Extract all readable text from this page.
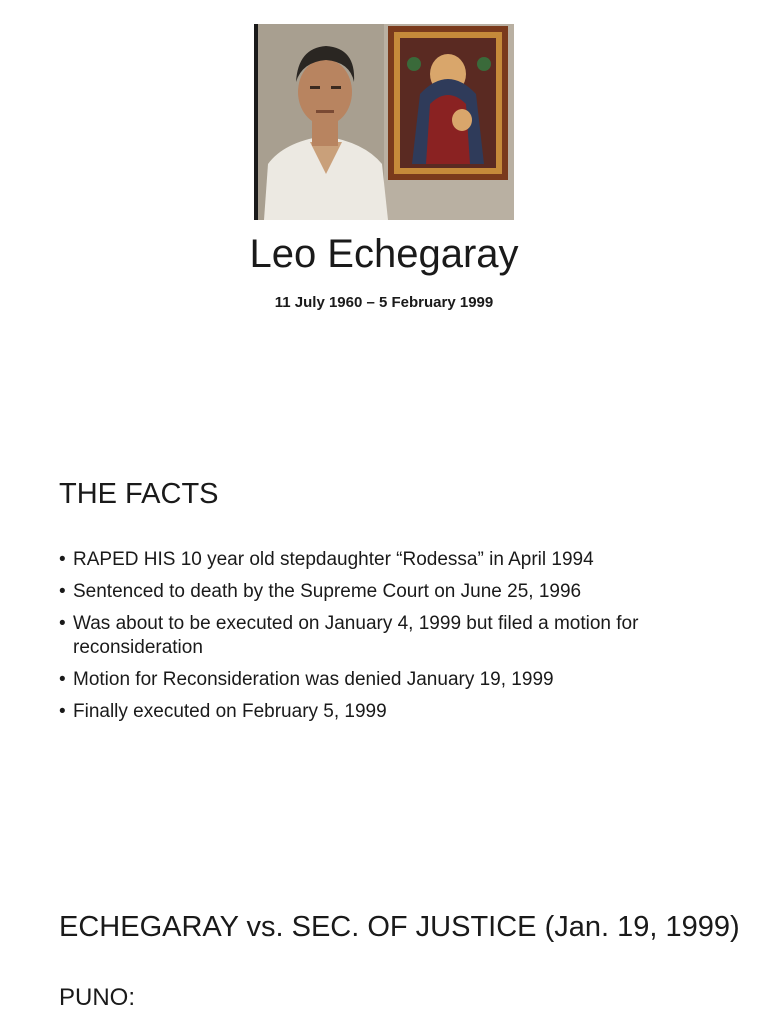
Leo Echegaray
11 July 1960 – 5 February 1999
THE FACTS
• RAPED HIS 10 year old stepdaughter “Rodessa” in April 1994
• Sentenced to death by the Supreme Court on June 25, 1996
• Was about to be executed on January 4, 1999 but filed a motion for reconsideration
• Motion for Reconsideration was denied January 19, 1999
• Finally executed on February 5, 1999
ECHEGARAY vs. SEC. OF JUSTICE (Jan. 19, 1999)
PUNO:
